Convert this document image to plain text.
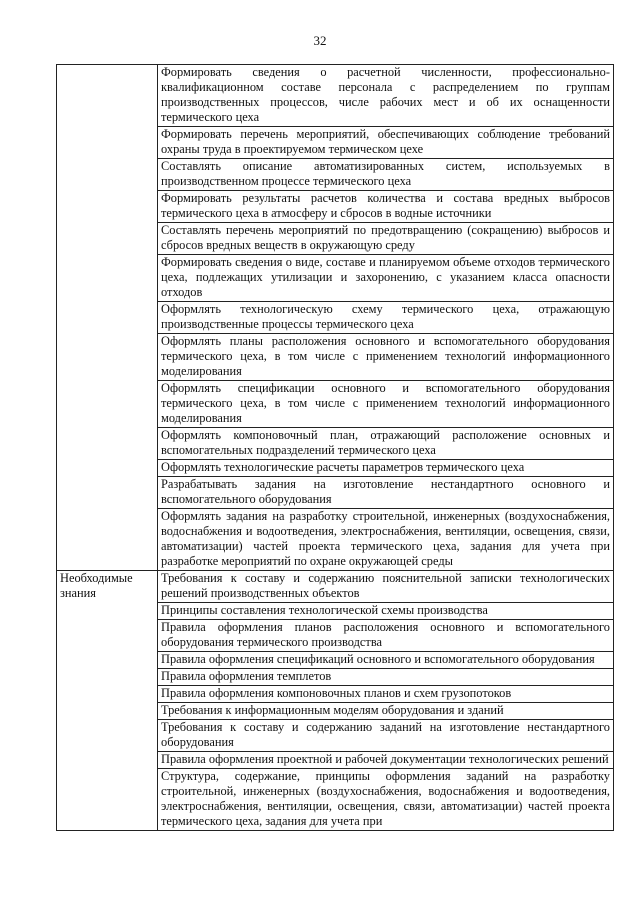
32
	Формировать сведения о расчетной численности, профессионально-квалификационном составе персонала с распределением по группам производственных процессов, числе рабочих мест и об их оснащенности термического цеха
	Формировать перечень мероприятий, обеспечивающих соблюдение требований охраны труда в проектируемом термическом цехе
	Составлять описание автоматизированных систем, используемых в производственном процессе термического цеха
	Формировать результаты расчетов количества и состава вредных выбросов термического цеха в атмосферу и сбросов в водные источники
	Составлять перечень мероприятий по предотвращению (сокращению) выбросов и сбросов вредных веществ в окружающую среду
	Формировать сведения о виде, составе и планируемом объеме отходов термического цеха, подлежащих утилизации и захоронению, с указанием класса опасности отходов
	Оформлять технологическую схему термического цеха, отражающую производственные процессы термического цеха
	Оформлять планы расположения основного и вспомогательного оборудования термического цеха, в том числе с применением технологий информационного моделирования
	Оформлять спецификации основного и вспомогательного оборудования термического цеха, в том числе с применением технологий информационного моделирования
	Оформлять компоновочный план, отражающий расположение основных и вспомогательных подразделений термического цеха
	Оформлять технологические расчеты параметров термического цеха
	Разрабатывать задания на изготовление нестандартного основного и вспомогательного оборудования
	Оформлять задания на разработку строительной, инженерных (воздухоснабжения, водоснабжения и водоотведения, электроснабжения, вентиляции, освещения, связи, автоматизации) частей проекта термического цеха, задания для учета при разработке мероприятий по охране окружающей среды
Необходимые знания	Требования к составу и содержанию пояснительной записки технологических решений производственных объектов
	Принципы составления технологической схемы производства
	Правила оформления планов расположения основного и вспомогательного оборудования термического производства
	Правила оформления спецификаций основного и вспомогательного оборудования
	Правила оформления темплетов
	Правила оформления компоновочных планов и схем грузопотоков
	Требования к информационным моделям оборудования и зданий
	Требования к составу и содержанию заданий на изготовление нестандартного оборудования
	Правила оформления проектной и рабочей документации технологических решений
	Структура, содержание, принципы оформления заданий на разработку строительной, инженерных (воздухоснабжения, водоснабжения и водоотведения, электроснабжения, вентиляции, освещения, связи, автоматизации) частей проекта термического цеха, задания для учета при
